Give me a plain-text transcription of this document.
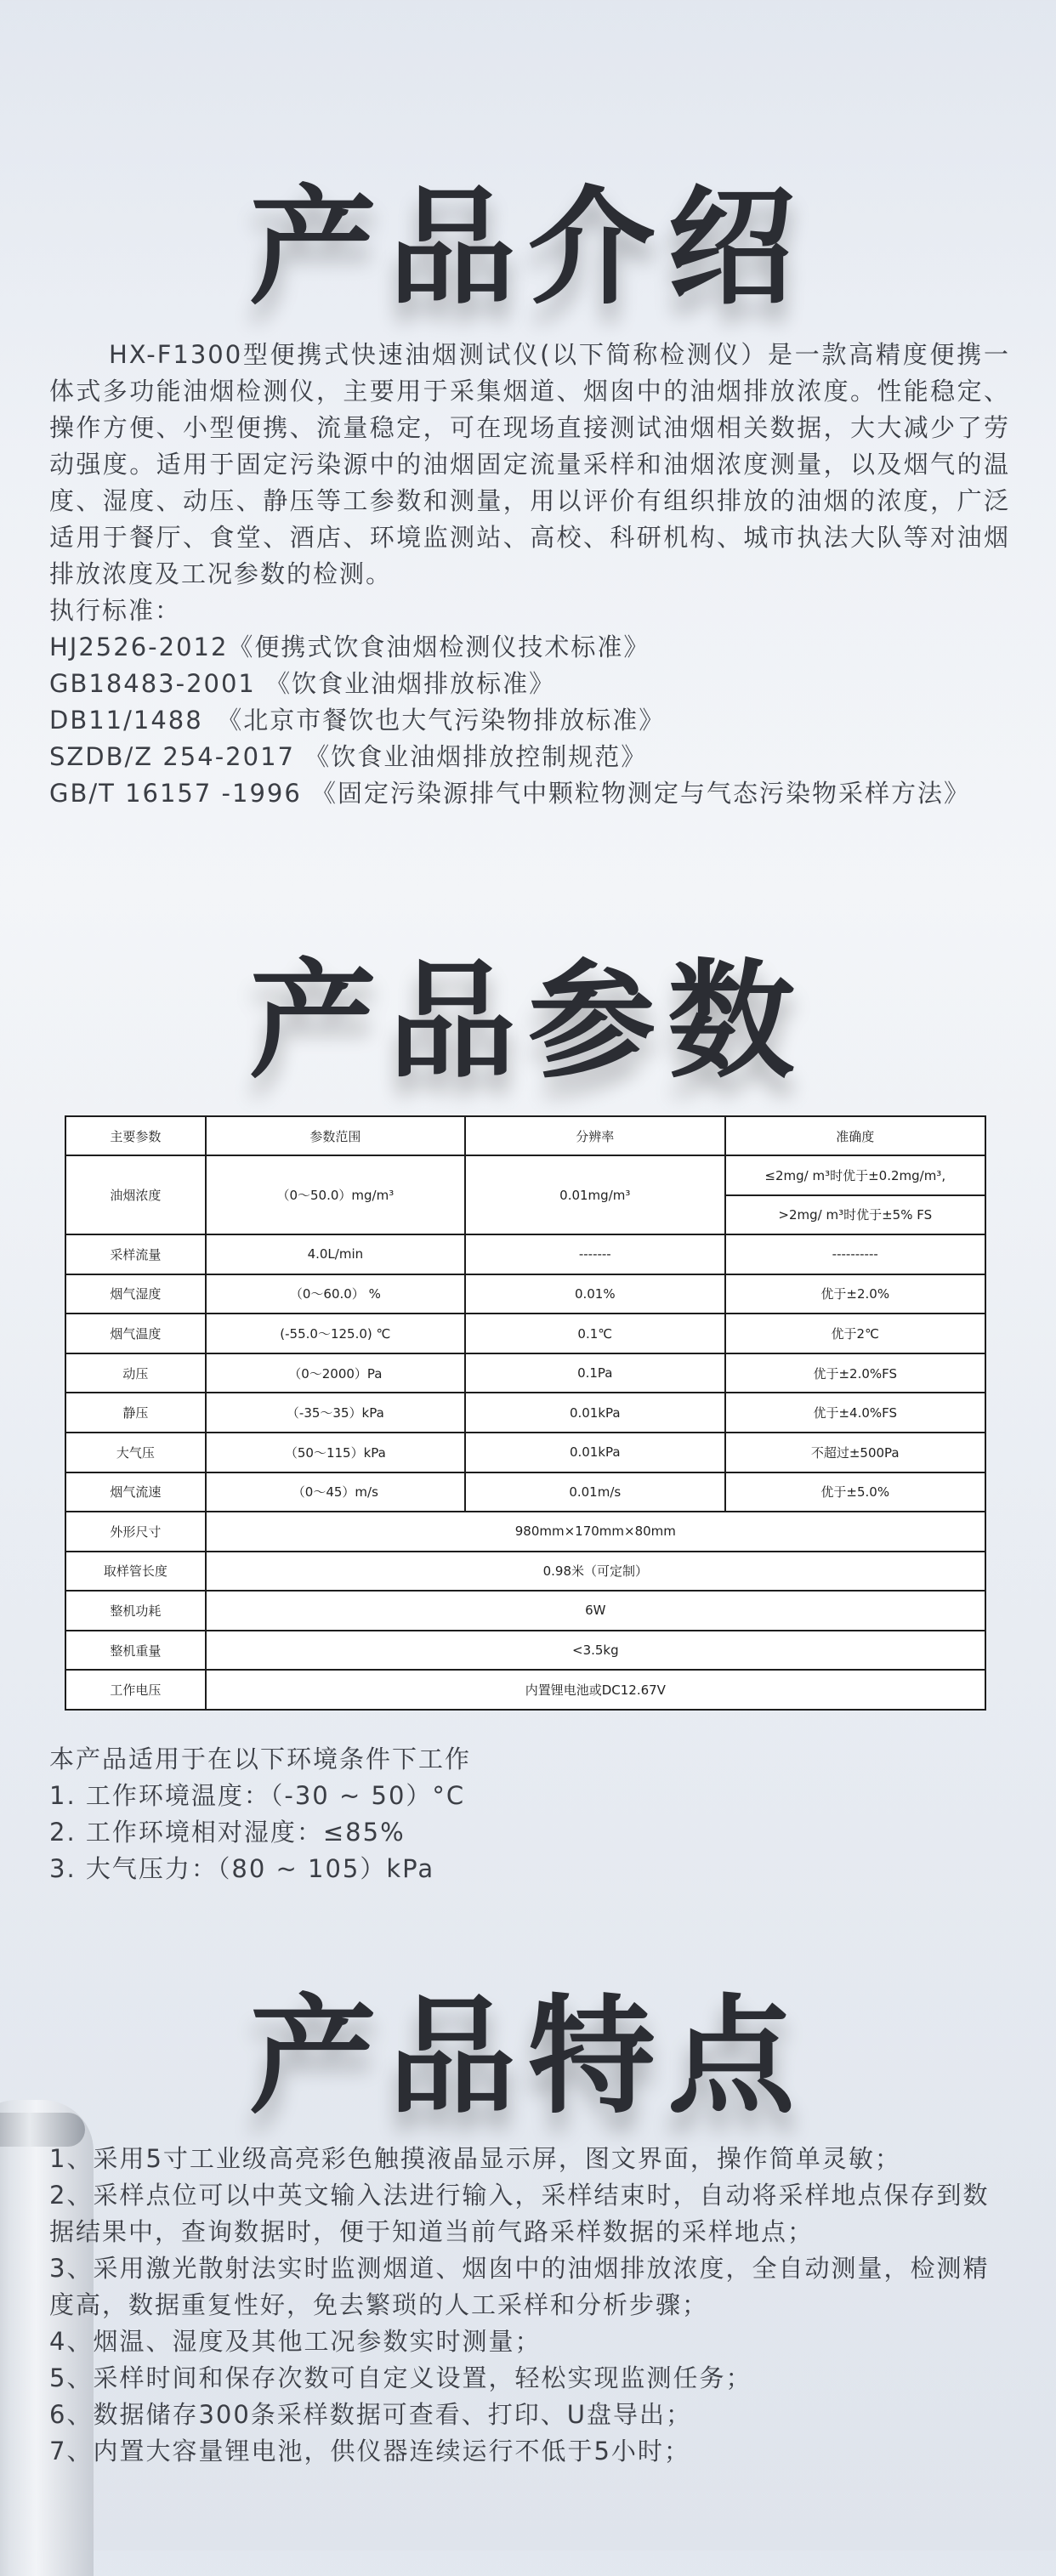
产品介绍

HX-F1300型便携式快速油烟测试仪(以下简称检测仪）是一款高精度便携一体式多功能油烟检测仪，主要用于采集烟道、烟囱中的油烟排放浓度。性能稳定、操作方便、小型便携、流量稳定，可在现场直接测试油烟相关数据，大大减少了劳动强度。适用于固定污染源中的油烟固定流量采样和油烟浓度测量，以及烟气的温度、湿度、动压、静压等工参数和测量，用以评价有组织排放的油烟的浓度，广泛适用于餐厅、食堂、酒店、环境监测站、高校、科研机构、城市执法大队等对油烟排放浓度及工况参数的检测。

执行标准：

HJ2526-2012《便携式饮食油烟检测仪技术标准》

GB18483-2001 《饮食业油烟排放标准》

DB11/1488　《北京市餐饮也大气污染物排放标准》

SZDB/Z 254-2017 《饮食业油烟排放控制规范》

GB/T 16157 -1996 《固定污染源排气中颗粒物测定与气态污染物采样方法》

产品参数
主要参数	参数范围	分辨率	准确度
油烟浓度	（0～50.0）mg/m³	0.01mg/m³	≤2mg/ m³时优于±0.2mg/m³,
			>2mg/ m³时优于±5% FS
采样流量	4.0L/min	-------	----------
烟气湿度	（0～60.0） %	0.01%	优于±2.0%
烟气温度	(-55.0～125.0) ℃	0.1℃	优于2℃
动压	（0～2000）Pa	0.1Pa	优于±2.0%FS
静压	（-35～35）kPa	0.01kPa	优于±4.0%FS
大气压	（50～115）kPa	0.01kPa	不超过±500Pa
烟气流速	（0～45）m/s	0.01m/s	优于±5.0%
外形尺寸	980mm×170mm×80mm		
取样管长度	0.98米（可定制）		
整机功耗	6W		
整机重量	<3.5kg		
工作电压	内置锂电池或DC12.67V		

本产品适用于在以下环境条件下工作

1. 工作环境温度：（-30 ~ 50）°C

2. 工作环境相对湿度：≤85%

3. 大气压力：（80 ~ 105）kPa

产品特点

1、采用5寸工业级高亮彩色触摸液晶显示屏，图文界面，操作简单灵敏；

2、采样点位可以中英文输入法进行输入，采样结束时，自动将采样地点保存到数据结果中，查询数据时，便于知道当前气路采样数据的采样地点；

3、采用激光散射法实时监测烟道、烟囱中的油烟排放浓度，全自动测量，检测精度高，数据重复性好，免去繁琐的人工采样和分析步骤；

4、烟温、湿度及其他工况参数实时测量；

5、采样时间和保存次数可自定义设置，轻松实现监测任务；

6、数据储存300条采样数据可查看、打印、U盘导出；

7、内置大容量锂电池，供仪器连续运行不低于5小时；
